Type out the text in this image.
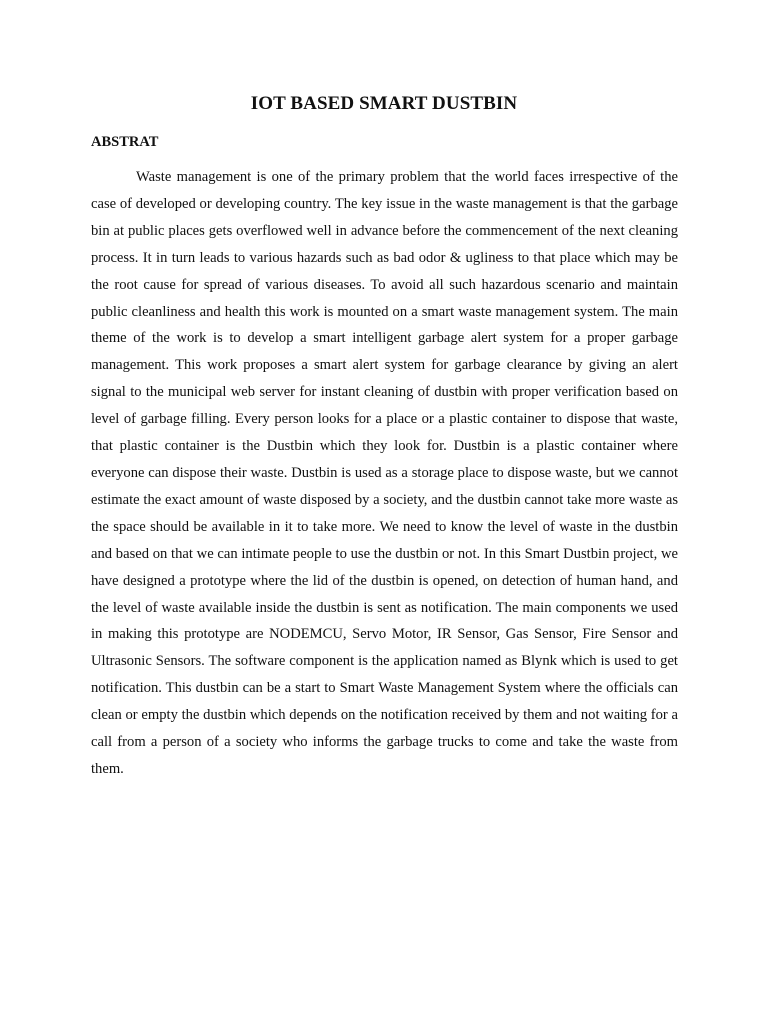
IOT BASED SMART DUSTBIN
ABSTRAT

Waste management is one of the primary problem that the world faces irrespective of the case of developed or developing country. The key issue in the waste management is that the garbage bin at public places gets overflowed well in advance before the commencement of the next cleaning process. It in turn leads to various hazards such as bad odor & ugliness to that place which may be the root cause for spread of various diseases. To avoid all such hazardous scenario and maintain public cleanliness and health this work is mounted on a smart waste management system. The main theme of the work is to develop a smart intelligent garbage alert system for a proper garbage management. This work proposes a smart alert system for garbage clearance by giving an alert signal to the municipal web server for instant cleaning of dustbin with proper verification based on level of garbage filling. Every person looks for a place or a plastic container to dispose that waste, that plastic container is the Dustbin which they look for. Dustbin is a plastic container where everyone can dispose their waste. Dustbin is used as a storage place to dispose waste, but we cannot estimate the exact amount of waste disposed by a society, and the dustbin cannot take more waste as the space should be available in it to take more. We need to know the level of waste in the dustbin and based on that we can intimate people to use the dustbin or not. In this Smart Dustbin project, we have designed a prototype where the lid of the dustbin is opened, on detection of human hand, and the level of waste available inside the dustbin is sent as notification. The main components we used in making this prototype are NODEMCU, Servo Motor, IR Sensor, Gas Sensor, Fire Sensor and Ultrasonic Sensors. The software component is the application named as Blynk which is used to get notification. This dustbin can be a start to Smart Waste Management System where the officials can clean or empty the dustbin which depends on the notification received by them and not waiting for a call from a person of a society who informs the garbage trucks to come and take the waste from them.
